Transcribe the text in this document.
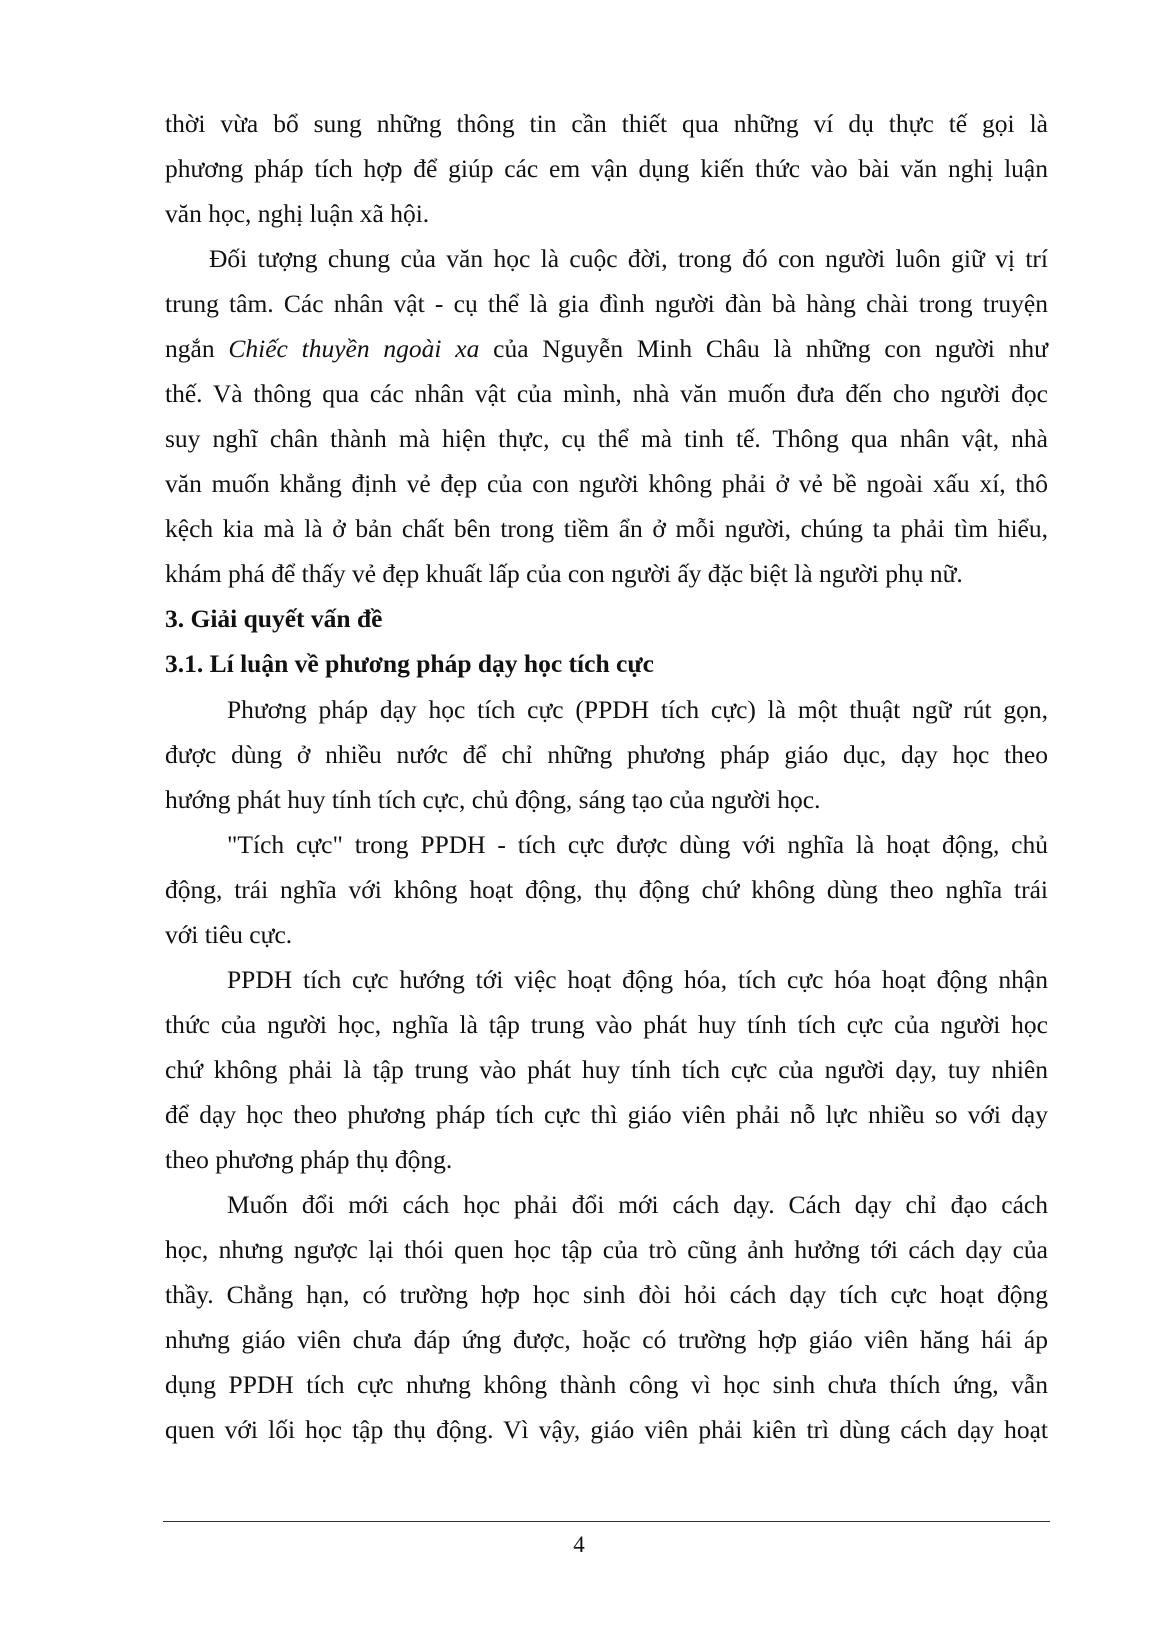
thời vừa bổ sung những thông tin cần thiết qua những ví dụ thực tế gọi là
phương pháp tích hợp để giúp các em vận dụng kiến thức vào bài văn nghị luận
văn học, nghị luận xã hội.
Đối tượng chung của văn học là cuộc đời, trong đó con người luôn giữ vị trí
trung tâm. Các nhân vật - cụ thể là gia đình người đàn bà hàng chài trong truyện
ngắn Chiếc thuyền ngoài xa của Nguyễn Minh Châu là những con người như
thế. Và thông qua các nhân vật của mình, nhà văn muốn đưa đến cho người đọc
suy nghĩ chân thành mà hiện thực, cụ thể mà tinh tế. Thông qua nhân vật, nhà
văn muốn khẳng định vẻ đẹp của con người không phải ở vẻ bề ngoài xấu xí, thô
kệch kia mà là ở bản chất bên trong tiềm ẩn ở mỗi người, chúng ta phải tìm hiểu,
khám phá để thấy vẻ đẹp khuất lấp của con người ấy đặc biệt là người phụ nữ.
3. Giải quyết vấn đề
3.1. Lí luận về phương pháp dạy học tích cực
Phương pháp dạy học tích cực (PPDH tích cực) là một thuật ngữ rút gọn,
được dùng ở nhiều nước để chỉ những phương pháp giáo dục, dạy học theo
hướng phát huy tính tích cực, chủ động, sáng tạo của người học.
"Tích cực" trong PPDH - tích cực được dùng với nghĩa là hoạt động, chủ
động, trái nghĩa với không hoạt động, thụ động chứ không dùng theo nghĩa trái
với tiêu cực.
PPDH tích cực hướng tới việc hoạt động hóa, tích cực hóa hoạt động nhận
thức của người học, nghĩa là tập trung vào phát huy tính tích cực của người học
chứ không phải là tập trung vào phát huy tính tích cực của người dạy, tuy nhiên
để dạy học theo phương pháp tích cực thì giáo viên phải nỗ lực nhiều so với dạy
theo phương pháp thụ động.
Muốn đổi mới cách học phải đổi mới cách dạy. Cách dạy chỉ đạo cách
học, nhưng ngược lại thói quen học tập của trò cũng ảnh hưởng tới cách dạy của
thầy. Chẳng hạn, có trường hợp học sinh đòi hỏi cách dạy tích cực hoạt động
nhưng giáo viên chưa đáp ứng được, hoặc có trường hợp giáo viên hăng hái áp
dụng PPDH tích cực nhưng không thành công vì học sinh chưa thích ứng, vẫn
quen với lối học tập thụ động. Vì vậy, giáo viên phải kiên trì dùng cách dạy hoạt
4
